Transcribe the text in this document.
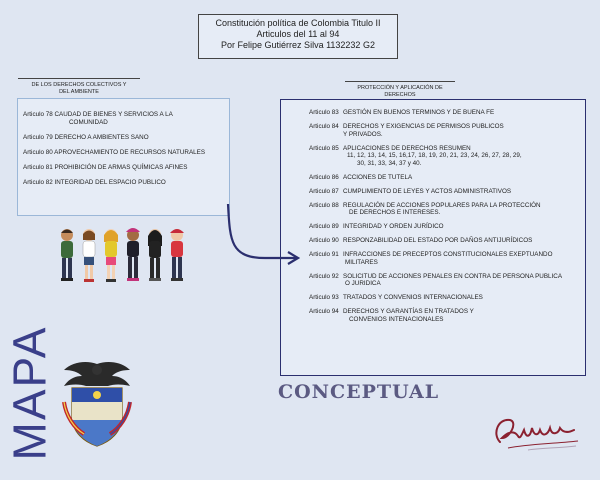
Constitución política de Colombia Titulo II
Articulos del 11 al 94
Por Felipe Gutiérrez Silva 1132232 G2
DE LOS DERECHOS COLECTIVOS Y
DEL AMBIENTE
Articulo 78 CAUDAD DE BIENES Y SERVICIOS A LA
COMUNIDAD
Articulo 79 DERECHO A AMBIENTES SANO
Articulo 80 APROVECHAMIENTO DE RECURSOS NATURALES
Articulo 81 PROHIBICIÓN DE ARMAS QUÍMICAS AFINES
Articulo 82 INTEGRIDAD DEL ESPACIO PUBLICO
PROTECCIÓN Y APLICACIÓN DE
DERECHOS
Articulo 83 GESTIÓN EN BUENOS TERMINOS Y DE BUENA FE
Articulo 84 DERECHOS Y EXIGENCIAS DE PERMISOS PUBLICOS
Y PRIVADOS.
Articulo 85 APLICACIONES DE DERECHOS RESUMEN
11, 12, 13, 14, 15, 16,17, 18, 19, 20, 21, 23, 24, 26, 27, 28, 29,
30, 31, 33, 34, 37 y 40.
Articulo 86 ACCIONES DE TUTELA
Articulo 87 CUMPLIMIENTO DE LEYES Y ACTOS ADMINISTRATIVOS
Articulo 88 REGULACIÓN DE ACCIONES POPULARES PARA LA PROTECCIÓN
DE DERECHOS E INTERESES.
Articulo 89 INTEGRIDAD Y ORDEN JURÍDICO
Articulo 90 RESPONZABILIDAD DEL ESTADO POR DAÑOS ANTIJURÍDICOS
Articulo 91 INFRACCIONES DE PRECEPTOS CONSTITUCIONALES EXEPTUANDO
MILITARES
Articulo 92 SOLICITUD DE ACCIONES PENALES EN CONTRA DE PERSONA PUBLICA
O JURIDICA
Articulo 93 TRATADOS Y CONVENIOS INTERNACIONALES
Articulo 94 DERECHOS Y GARANTÍAS EN TRATADOS Y
CONVENIOS INTENACIONALES
MAPA	CONCEPTUAL
